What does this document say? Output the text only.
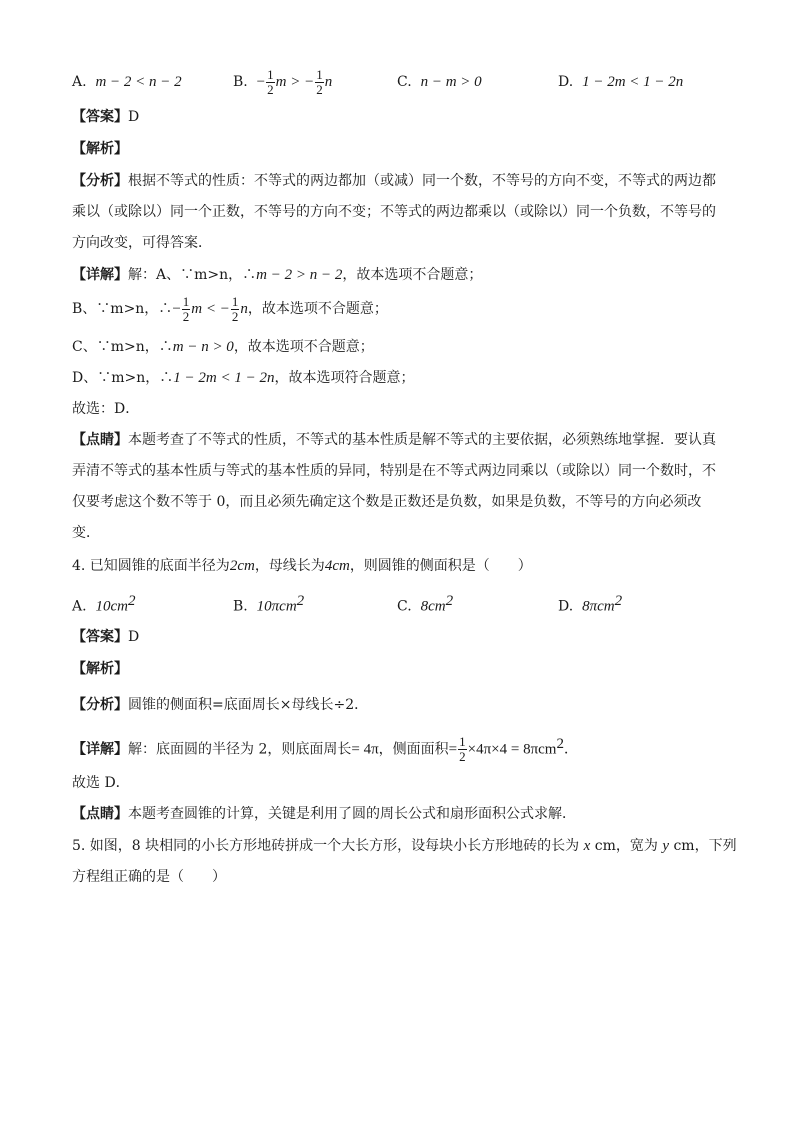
A. m − 2 < n − 2	B. − $\frac{1}{2}$ m > − $\frac{1}{2}$ n	C. n − m > 0	D. 1 − 2m < 1 − 2n
【答案】D
【解析】
【分析】根据不等式的性质：不等式的两边都加（或减）同一个数，不等号的方向不变，不等式的两边都
乘以（或除以）同一个正数，不等号的方向不变；不等式的两边都乘以（或除以）同一个负数，不等号的
方向改变，可得答案．
【详解】解：A、∵m>n，∴m − 2 > n − 2，故本选项不合题意；
B、∵m>n，∴− $\frac{1}{2}$ m < − $\frac{1}{2}$ n，故本选项不合题意；
C、∵m>n，∴m − n > 0，故本选项不合题意；
D、∵m>n，∴1 − 2m < 1 − 2n，故本选项符合题意；
故选：D．
【点睛】本题考查了不等式的性质，不等式的基本性质是解不等式的主要依据，必须熟练地掌握．要认真
弄清不等式的基本性质与等式的基本性质的异同，特别是在不等式两边同乘以（或除以）同一个数时，不
仅要考虑这个数不等于 0，而且必须先确定这个数是正数还是负数，如果是负数，不等号的方向必须改
变．
4. 已知圆锥的底面半径为2cm，母线长为4cm，则圆锥的侧面积是（　　）
A. $10cm^2$	B. 10πcm$^2$	C. $8cm^2$	D. 8πcm$^2$
【答案】D
【解析】
【分析】圆锥的侧面积=底面周长×母线长÷2．
【详解】解：底面圆的半径为 2，则底面周长= 4π，侧面面积= $\frac{1}{2} \times 4\pi\times 4 = 8\pi cm^2$．
故选 D．
【点睛】本题考查圆锥的计算，关键是利用了圆的周长公式和扇形面积公式求解．
5. 如图，8 块相同的小长方形地砖拼成一个大长方形，设每块小长方形地砖的长为 x cm，宽为 y cm，下列
方程组正确的是（　　）
